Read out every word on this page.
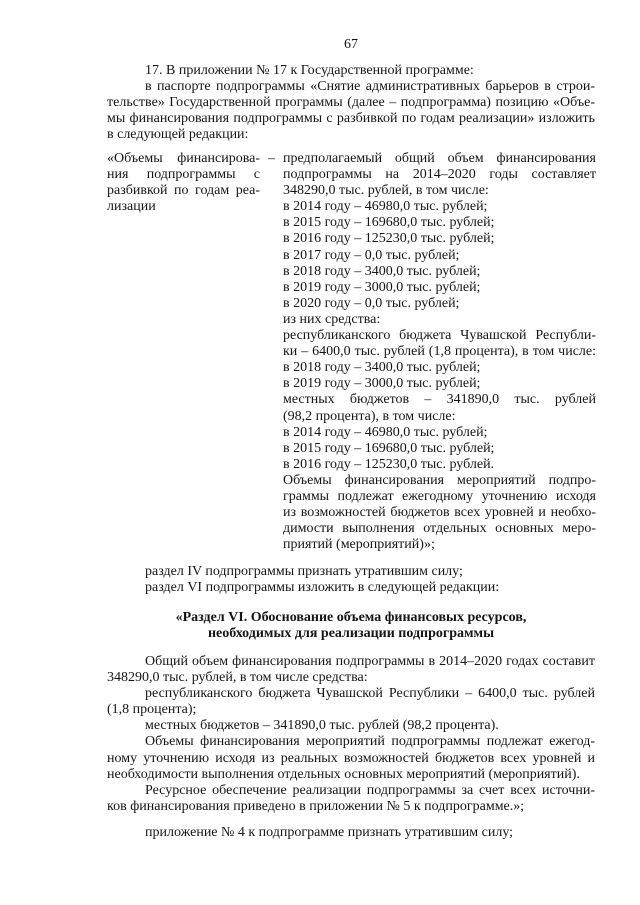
67
17. В приложении № 17 к Государственной программе:
в паспорте подпрограммы «Снятие административных барьеров в строи-
тельстве» Государственной программы (далее – подпрограмма) позицию «Объе-
мы финансирования подпрограммы с разбивкой по годам реализации» изложить
в следующей редакции:
«Объемы финансирова-
ния подпрограммы с
разбивкой по годам реа-
лизации
– предполагаемый общий объем финансирования
подпрограммы на 2014–2020 годы составляет
348290,0 тыс. рублей, в том числе:
в 2014 году – 46980,0 тыс. рублей;
в 2015 году – 169680,0 тыс. рублей;
в 2016 году – 125230,0 тыс. рублей;
в 2017 году – 0,0 тыс. рублей;
в 2018 году – 3400,0 тыс. рублей;
в 2019 году – 3000,0 тыс. рублей;
в 2020 году – 0,0 тыс. рублей;
из них средства:
республиканского бюджета Чувашской Республи-
ки – 6400,0 тыс. рублей (1,8 процента), в том числе:
в 2018 году – 3400,0 тыс. рублей;
в 2019 году – 3000,0 тыс. рублей;
местных бюджетов – 341890,0 тыс. рублей
(98,2 процента), в том числе:
в 2014 году – 46980,0 тыс. рублей;
в 2015 году – 169680,0 тыс. рублей;
в 2016 году – 125230,0 тыс. рублей.
Объемы финансирования мероприятий подпро-
граммы подлежат ежегодному уточнению исходя
из возможностей бюджетов всех уровней и необхо-
димости выполнения отдельных основных меро-
приятий (мероприятий)»;
раздел IV подпрограммы признать утратившим силу;
раздел VI подпрограммы изложить в следующей редакции:
«Раздел VI. Обоснование объема финансовых ресурсов,
необходимых для реализации подпрограммы
Общий объем финансирования подпрограммы в 2014–2020 годах составит
348290,0 тыс. рублей, в том числе средства:
республиканского бюджета Чувашской Республики – 6400,0 тыс. рублей
(1,8 процента);
местных бюджетов – 341890,0 тыс. рублей (98,2 процента).
Объемы финансирования мероприятий подпрограммы подлежат ежегод-
ному уточнению исходя из реальных возможностей бюджетов всех уровней и
необходимости выполнения отдельных основных мероприятий (мероприятий).
Ресурсное обеспечение реализации подпрограммы за счет всех источни-
ков финансирования приведено в приложении № 5 к подпрограмме.»;
приложение № 4 к подпрограмме признать утратившим силу;
